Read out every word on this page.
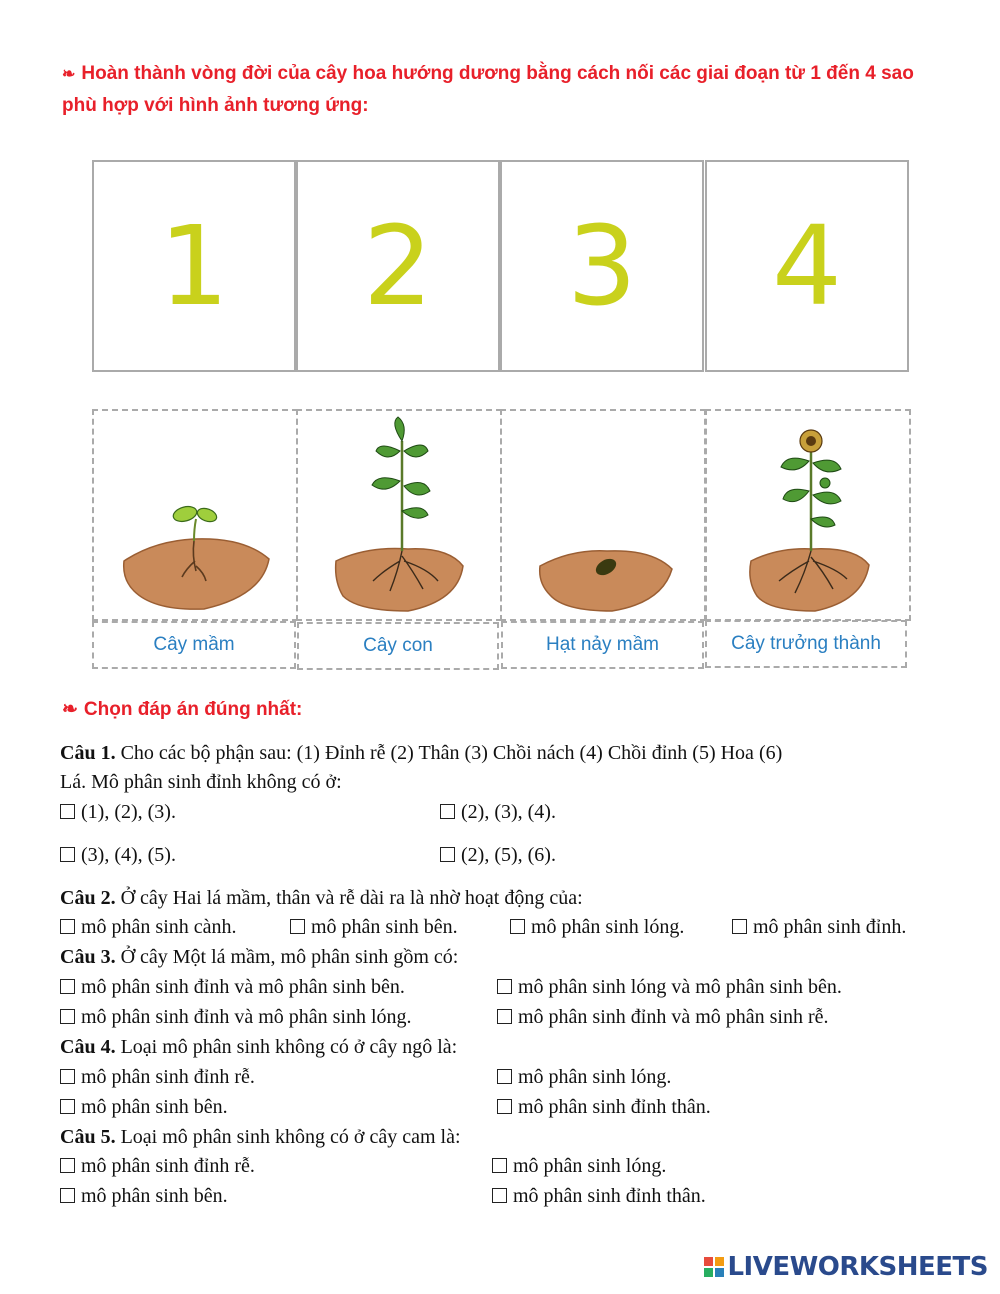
❧ Hoàn thành vòng đời của cây hoa hướng dương bằng cách nối các giai đoạn từ 1 đến 4 sao phù hợp với hình ảnh tương ứng:
1 2 3 4
Cây mầm	Cây con	Hạt nảy mầm	Cây trưởng thành
❧ Chọn đáp án đúng nhất:
Câu 1. Cho các bộ phận sau: (1) Đỉnh rễ (2) Thân (3) Chồi nách (4) Chồi đỉnh (5) Hoa (6)
Lá. Mô phân sinh đỉnh không có ở:
(1), (2), (3).	(2), (3), (4).
(3), (4), (5).	(2), (5), (6).
Câu 2. Ở cây Hai lá mầm, thân và rễ dài ra là nhờ hoạt động của:
mô phân sinh cành.	mô phân sinh bên.	mô phân sinh lóng.	mô phân sinh đỉnh.
Câu 3. Ở cây Một lá mầm, mô phân sinh gồm có:
mô phân sinh đỉnh và mô phân sinh bên.	mô phân sinh lóng và mô phân sinh bên.
mô phân sinh đỉnh và mô phân sinh lóng.	mô phân sinh đỉnh và mô phân sinh rễ.
Câu 4. Loại mô phân sinh không có ở cây ngô là:
mô phân sinh đỉnh rễ.	mô phân sinh lóng.
mô phân sinh bên.	mô phân sinh đỉnh thân.
Câu 5. Loại mô phân sinh không có ở cây cam là:
mô phân sinh đỉnh rễ.	mô phân sinh lóng.
mô phân sinh bên.	mô phân sinh đỉnh thân.
LIVEWORKSHEETS
